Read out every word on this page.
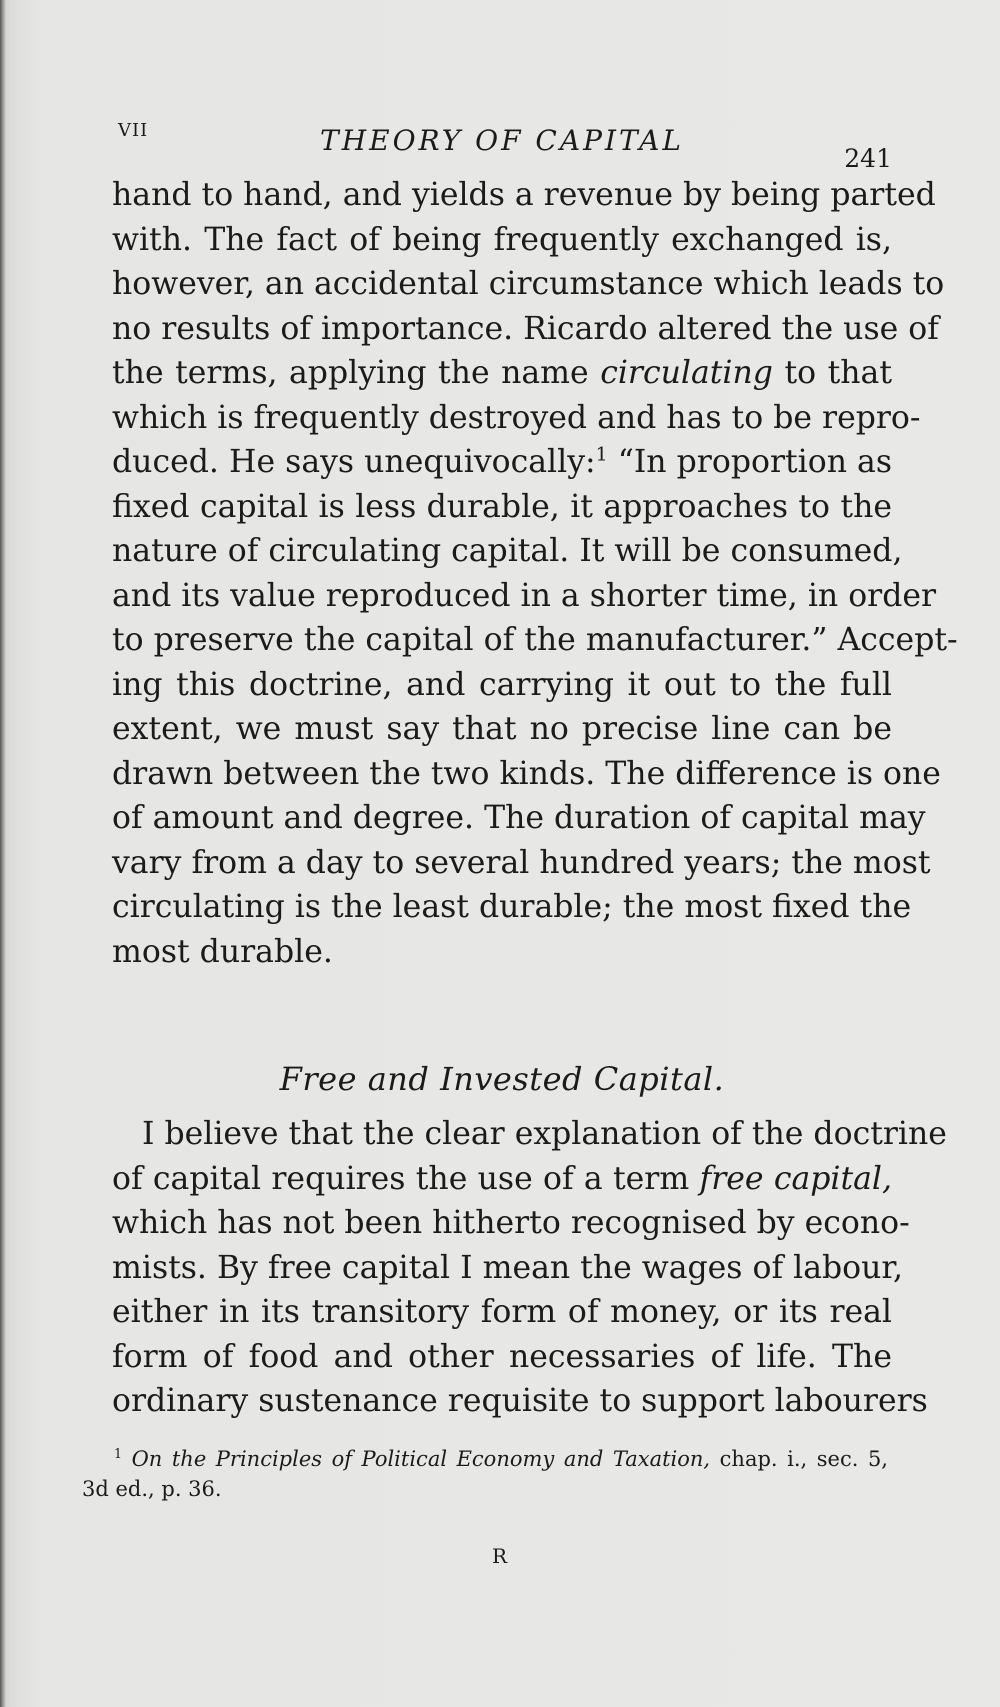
VII	THEORY OF CAPITAL
241
hand to hand, and yields a revenue by being parted
with. The fact of being frequently exchanged is,
however, an accidental circumstance which leads to
no results of importance. Ricardo altered the use of
the terms, applying the name circulating to that
which is frequently destroyed and has to be repro-
duced. He says unequivocally:$^1$ “In proportion as
fixed capital is less durable, it approaches to the
nature of circulating capital. It will be consumed,
and its value reproduced in a shorter time, in order
to preserve the capital of the manufacturer.” Accept-
ing this doctrine, and carrying it out to the full
extent, we must say that no precise line can be
drawn between the two kinds. The difference is one
of amount and degree. The duration of capital may
vary from a day to several hundred years; the most
circulating is the least durable; the most fixed the
most durable.
Free and Invested Capital.
I believe that the clear explanation of the doctrine
of capital requires the use of a term free capital,
which has not been hitherto recognised by econo-
mists. By free capital I mean the wages of labour,
either in its transitory form of money, or its real
form of food and other necessaries of life. The
ordinary sustenance requisite to support labourers
$^1$ On the Principles of Political Economy and Taxation, chap. i., sec. 5,
3d ed., p. 36.
R
